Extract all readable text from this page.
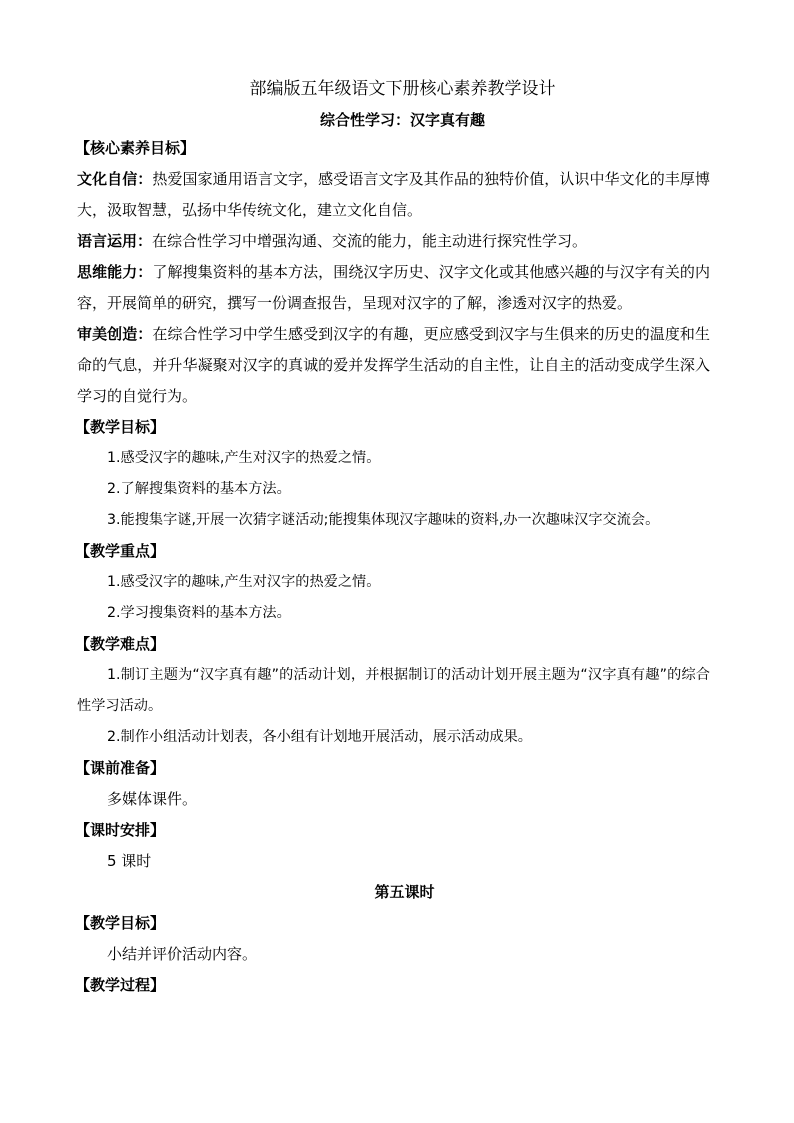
部编版五年级语文下册核心素养教学设计
综合性学习：汉字真有趣
【核心素养目标】
文化自信：热爱国家通用语言文字，感受语言文字及其作品的独特价值，认识中华文化的丰厚博大，汲取智慧，弘扬中华传统文化，建立文化自信。
语言运用：在综合性学习中增强沟通、交流的能力，能主动进行探究性学习。
思维能力：了解搜集资料的基本方法，围绕汉字历史、汉字文化或其他感兴趣的与汉字有关的内容，开展简单的研究，撰写一份调查报告，呈现对汉字的了解，渗透对汉字的热爱。
审美创造：在综合性学习中学生感受到汉字的有趣，更应感受到汉字与生俱来的历史的温度和生命的气息，并升华凝聚对汉字的真诚的爱并发挥学生活动的自主性，让自主的活动变成学生深入学习的自觉行为。
【教学目标】
1.感受汉字的趣味,产生对汉字的热爱之情。
2.了解搜集资料的基本方法。
3.能搜集字谜,开展一次猜字谜活动;能搜集体现汉字趣味的资料,办一次趣味汉字交流会。
【教学重点】
1.感受汉字的趣味,产生对汉字的热爱之情。
2.学习搜集资料的基本方法。
【教学难点】
1.制订主题为“汉字真有趣”的活动计划，并根据制订的活动计划开展主题为“汉字真有趣”的综合性学习活动。
2.制作小组活动计划表，各小组有计划地开展活动，展示活动成果。
【课前准备】
多媒体课件。
【课时安排】
5 课时
第五课时
【教学目标】
小结并评价活动内容。
【教学过程】
